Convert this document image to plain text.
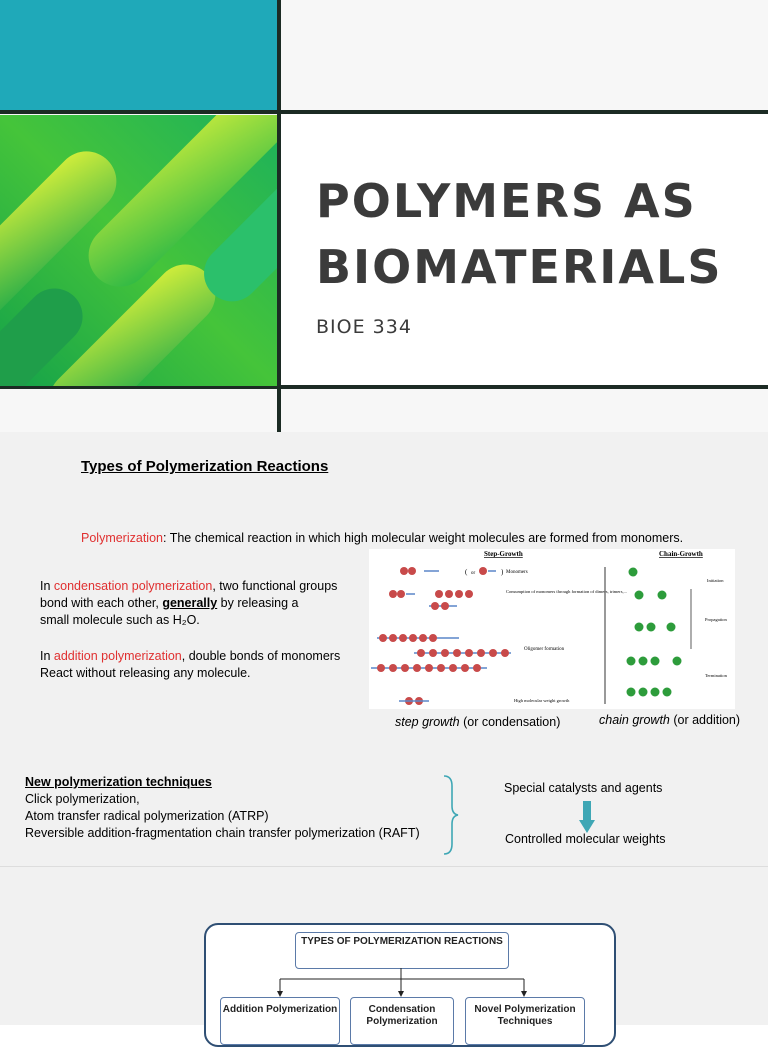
POLYMERS AS
BIOMATERIALS
BIOE 334
Types of Polymerization Reactions
Polymerization: The chemical reaction in which high molecular weight molecules are formed from monomers.
In condensation polymerization, two functional groups
bond with each other, generally by releasing a
small molecule such as H₂O.
In addition polymerization, double bonds of monomers
React without releasing any molecule.
Step-Growth	Chain-Growth
( or	) Monomers
Consumption of monomers through formation of dimers, trimers,...
Oligomer formation
High molecular weight growth
Initiation
Propagation
Termination
step growth (or condensation)	chain growth (or addition)
New polymerization techniques
Click polymerization,
Atom transfer radical polymerization (ATRP)
Reversible addition-fragmentation chain transfer polymerization (RAFT)
Special catalysts and agents
Controlled molecular weights
TYPES OF POLYMERIZATION REACTIONS
Addition Polymerization	Condensation Polymerization
Novel Polymerization Techniques
